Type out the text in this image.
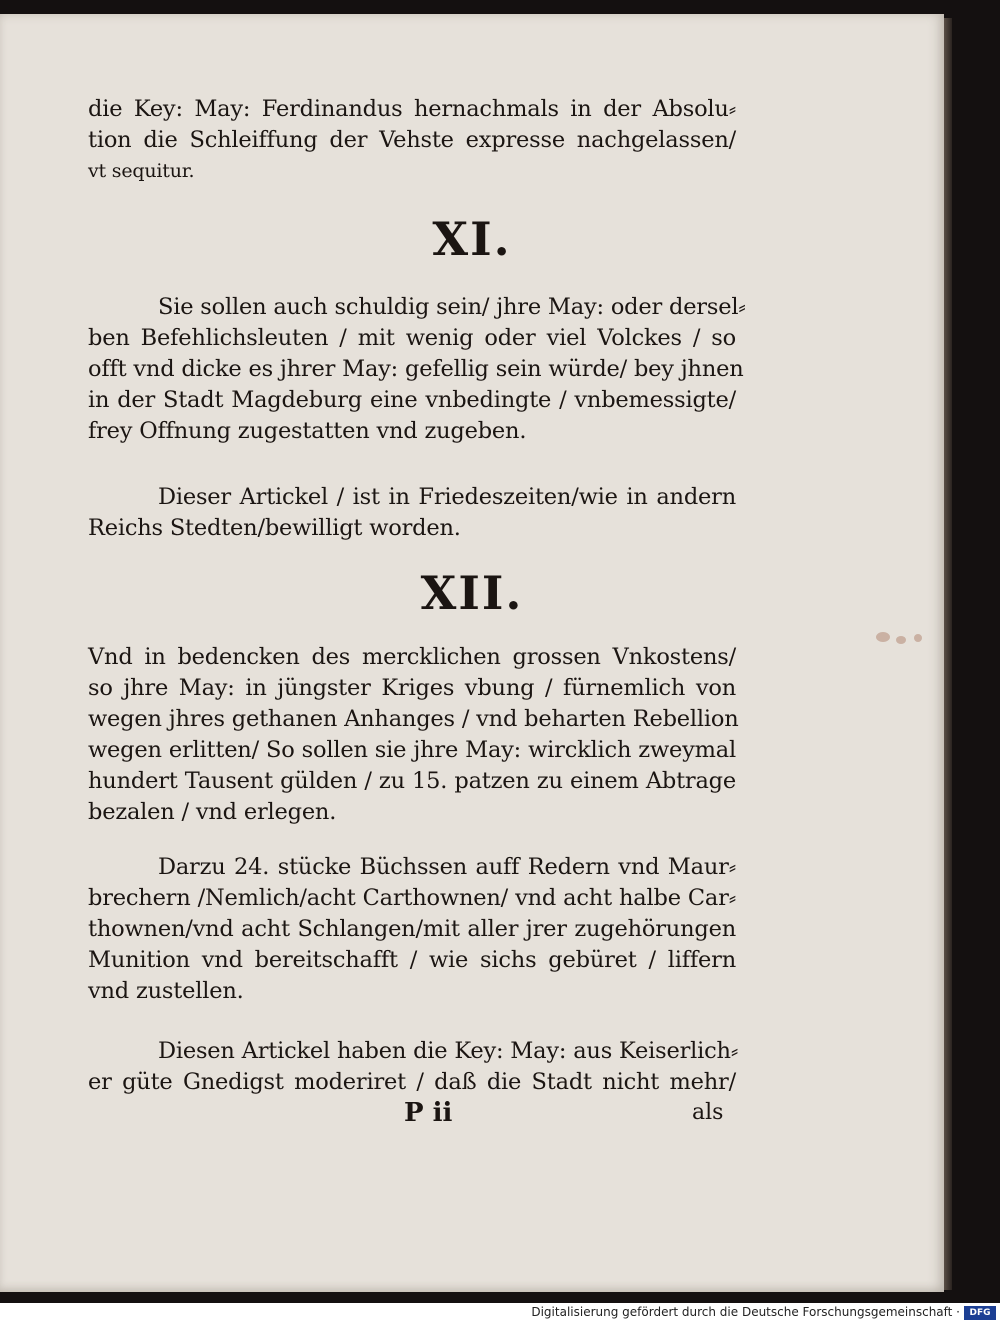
die Key: May: Ferdinandus hernachmals in der Absolu⸗
tion die Schleiffung der Vehste expresse nachgelassen/
vt sequitur.
XI.
Sie sollen auch schuldig sein/ jhre May: oder dersel⸗
ben Befehlichsleuten / mit wenig oder viel Volckes / so
offt vnd dicke es jhrer May: gefellig sein würde/ bey jhnen
in der Stadt Magdeburg eine vnbedingte / vnbemessigte/
frey Offnung zugestatten vnd zugeben.
Dieser Artickel / ist in Friedeszeiten/wie in andern
Reichs Stedten/bewilligt worden.
XII.
Vnd in bedencken des mercklichen grossen Vnkostens/
so jhre May: in jüngster Kriges vbung / fürnemlich von
wegen jhres gethanen Anhanges / vnd beharten Rebellion
wegen erlitten/ So sollen sie jhre May: wircklich zweymal
hundert Tausent gülden / zu 15. patzen zu einem Abtrage
bezalen / vnd erlegen.
Darzu 24. stücke Büchssen auff Redern vnd Maur⸗
brechern /Nemlich/acht Carthownen/ vnd acht halbe Car⸗
thownen/vnd acht Schlangen/mit aller jrer zugehörungen
Munition vnd bereitschafft / wie sichs gebüret / liffern
vnd zustellen.
Diesen Artickel haben die Key: May: aus Keiserlich⸗
er güte Gnedigst moderiret / daß die Stadt nicht mehr/
P ii	als
Digitalisierung gefördert durch die Deutsche Forschungsgemeinschaft ·	DFG
